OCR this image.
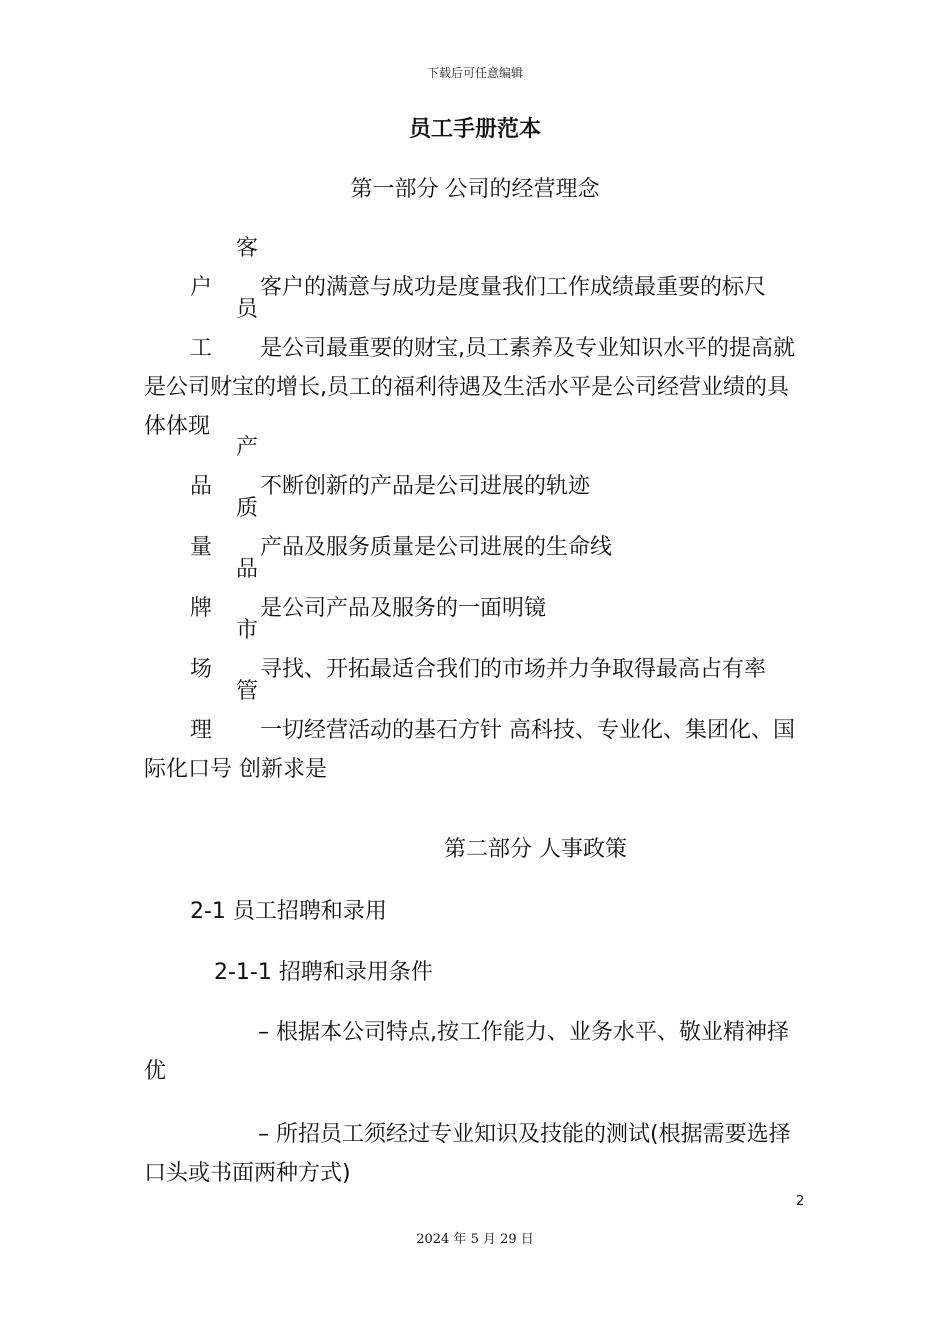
下载后可任意编辑
员工手册范本
第一部分 公司的经营理念
客户 客户的满意与成功是度量我们工作成绩最重要的标尺
员工 是公司最重要的财宝,员工素养及专业知识水平的提高就是公司财宝的增长,员工的福利待遇及生活水平是公司经营业绩的具体体现
产品 不断创新的产品是公司进展的轨迹
质量 产品及服务质量是公司进展的生命线
品牌 是公司产品及服务的一面明镜
市场 寻找、开拓最适合我们的市场并力争取得最高占有率
管理 一切经营活动的基石方针 高科技、专业化、集团化、国际化口号 创新求是
第二部分 人事政策
2-1 员工招聘和录用
2-1-1 招聘和录用条件
– 根据本公司特点,按工作能力、业务水平、敬业精神择优
– 所招员工须经过专业知识及技能的测试(根据需要选择口头或书面两种方式)
2
2024 年 5 月 29 日
